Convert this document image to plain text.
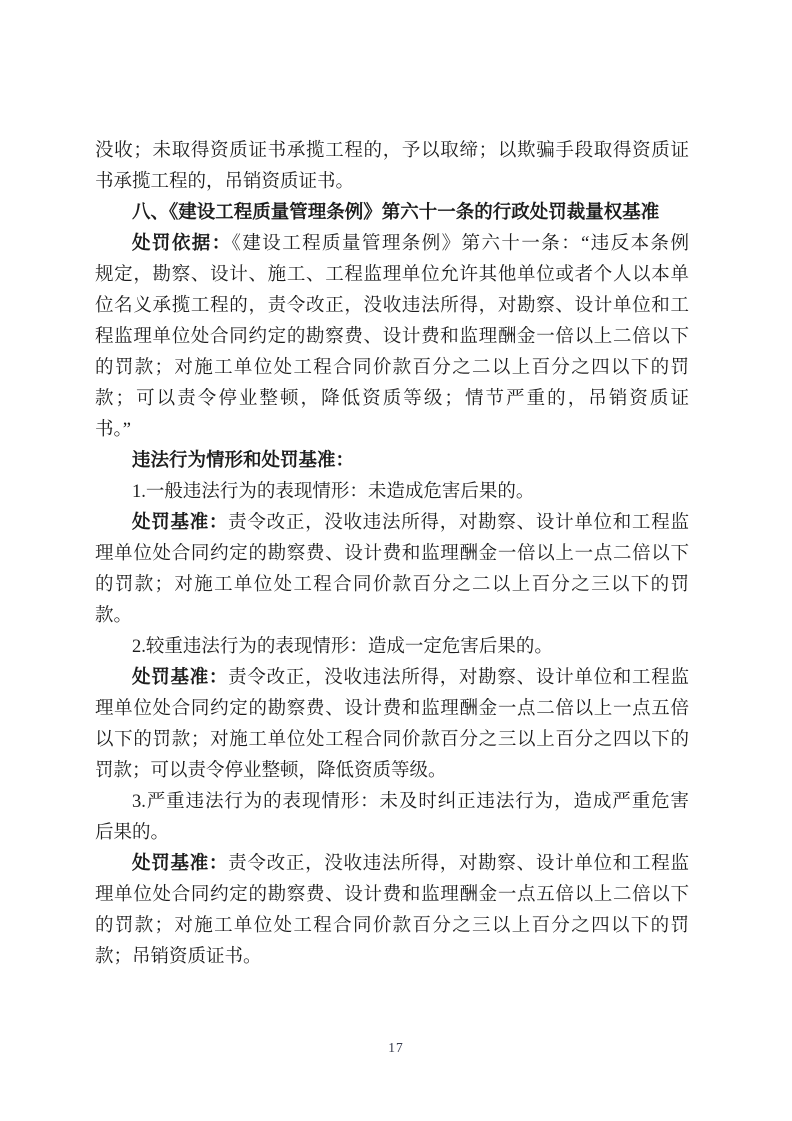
没收；未取得资质证书承揽工程的，予以取缔；以欺骗手段取得资质证
书承揽工程的，吊销资质证书。
八、《建设工程质量管理条例》第六十一条的行政处罚裁量权基准
处罚依据：《建设工程质量管理条例》第六十一条：“违反本条例
规定，勘察、设计、施工、工程监理单位允许其他单位或者个人以本单
位名义承揽工程的，责令改正，没收违法所得，对勘察、设计单位和工
程监理单位处合同约定的勘察费、设计费和监理酬金一倍以上二倍以下
的罚款；对施工单位处工程合同价款百分之二以上百分之四以下的罚
款；可以责令停业整顿，降低资质等级；情节严重的，吊销资质证
书。”
违法行为情形和处罚基准：
1.一般违法行为的表现情形：未造成危害后果的。
处罚基准：责令改正，没收违法所得，对勘察、设计单位和工程监
理单位处合同约定的勘察费、设计费和监理酬金一倍以上一点二倍以下
的罚款；对施工单位处工程合同价款百分之二以上百分之三以下的罚
款。
2.较重违法行为的表现情形：造成一定危害后果的。
处罚基准：责令改正，没收违法所得，对勘察、设计单位和工程监
理单位处合同约定的勘察费、设计费和监理酬金一点二倍以上一点五倍
以下的罚款；对施工单位处工程合同价款百分之三以上百分之四以下的
罚款；可以责令停业整顿，降低资质等级。
3.严重违法行为的表现情形：未及时纠正违法行为，造成严重危害
后果的。
处罚基准：责令改正，没收违法所得，对勘察、设计单位和工程监
理单位处合同约定的勘察费、设计费和监理酬金一点五倍以上二倍以下
的罚款；对施工单位处工程合同价款百分之三以上百分之四以下的罚
款；吊销资质证书。
17
